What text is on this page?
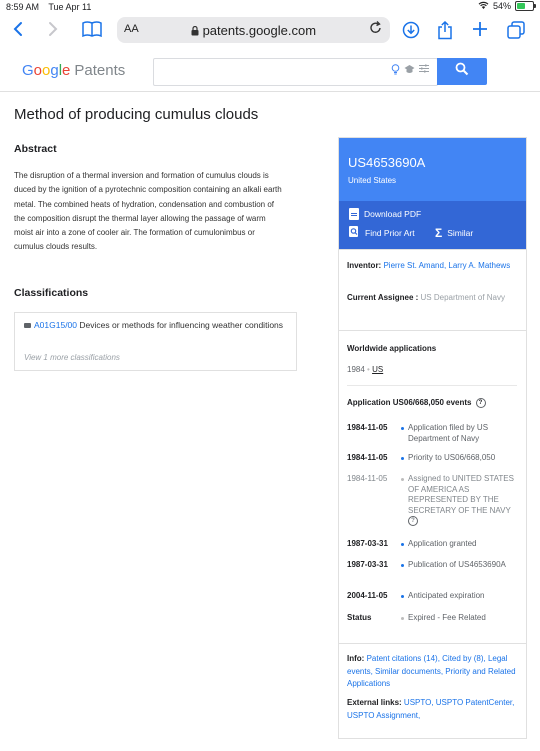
8:59 AM Tue Apr 11	54%
AA	patents.google.com
Google Patents
Method of producing cumulus clouds
Abstract
The disruption of a thermal inversion and formation of cumulus clouds is duced by the ignition of a pyrotechnic composition containing an alkali earth metal. The combined heats of hydration, condensation and combustion of the composition disrupt the thermal layer allowing the passage of warm moist air into a zone of cooler air. The formation of cumulonimbus or cumulus clouds results.
Classifications
A01G15/00 Devices or methods for influencing weather conditions
View 1 more classifications
US4653690A
United States
Download PDF
Find Prior Art Σ Similar
Inventor: Pierre St. Amand, Larry A. Mathews
Current Assignee : US Department of Navy
Worldwide applications
1984 • US
Application US06/668,050 events ?
1984-11-05	Application filed by US Department of Navy
1984-11-05	Priority to US06/668,050
1984-11-05	Assigned to UNITED STATES OF AMERICA AS REPRESENTED BY THE SECRETARY OF THE NAVY ?
1987-03-31	Application granted
1987-03-31	Publication of US4653690A
2004-11-05	Anticipated expiration
Status	Expired - Fee Related
Info: Patent citations (14), Cited by (8), Legal events, Similar documents, Priority and Related Applications
External links: USPTO, USPTO PatentCenter, USPTO Assignment,
